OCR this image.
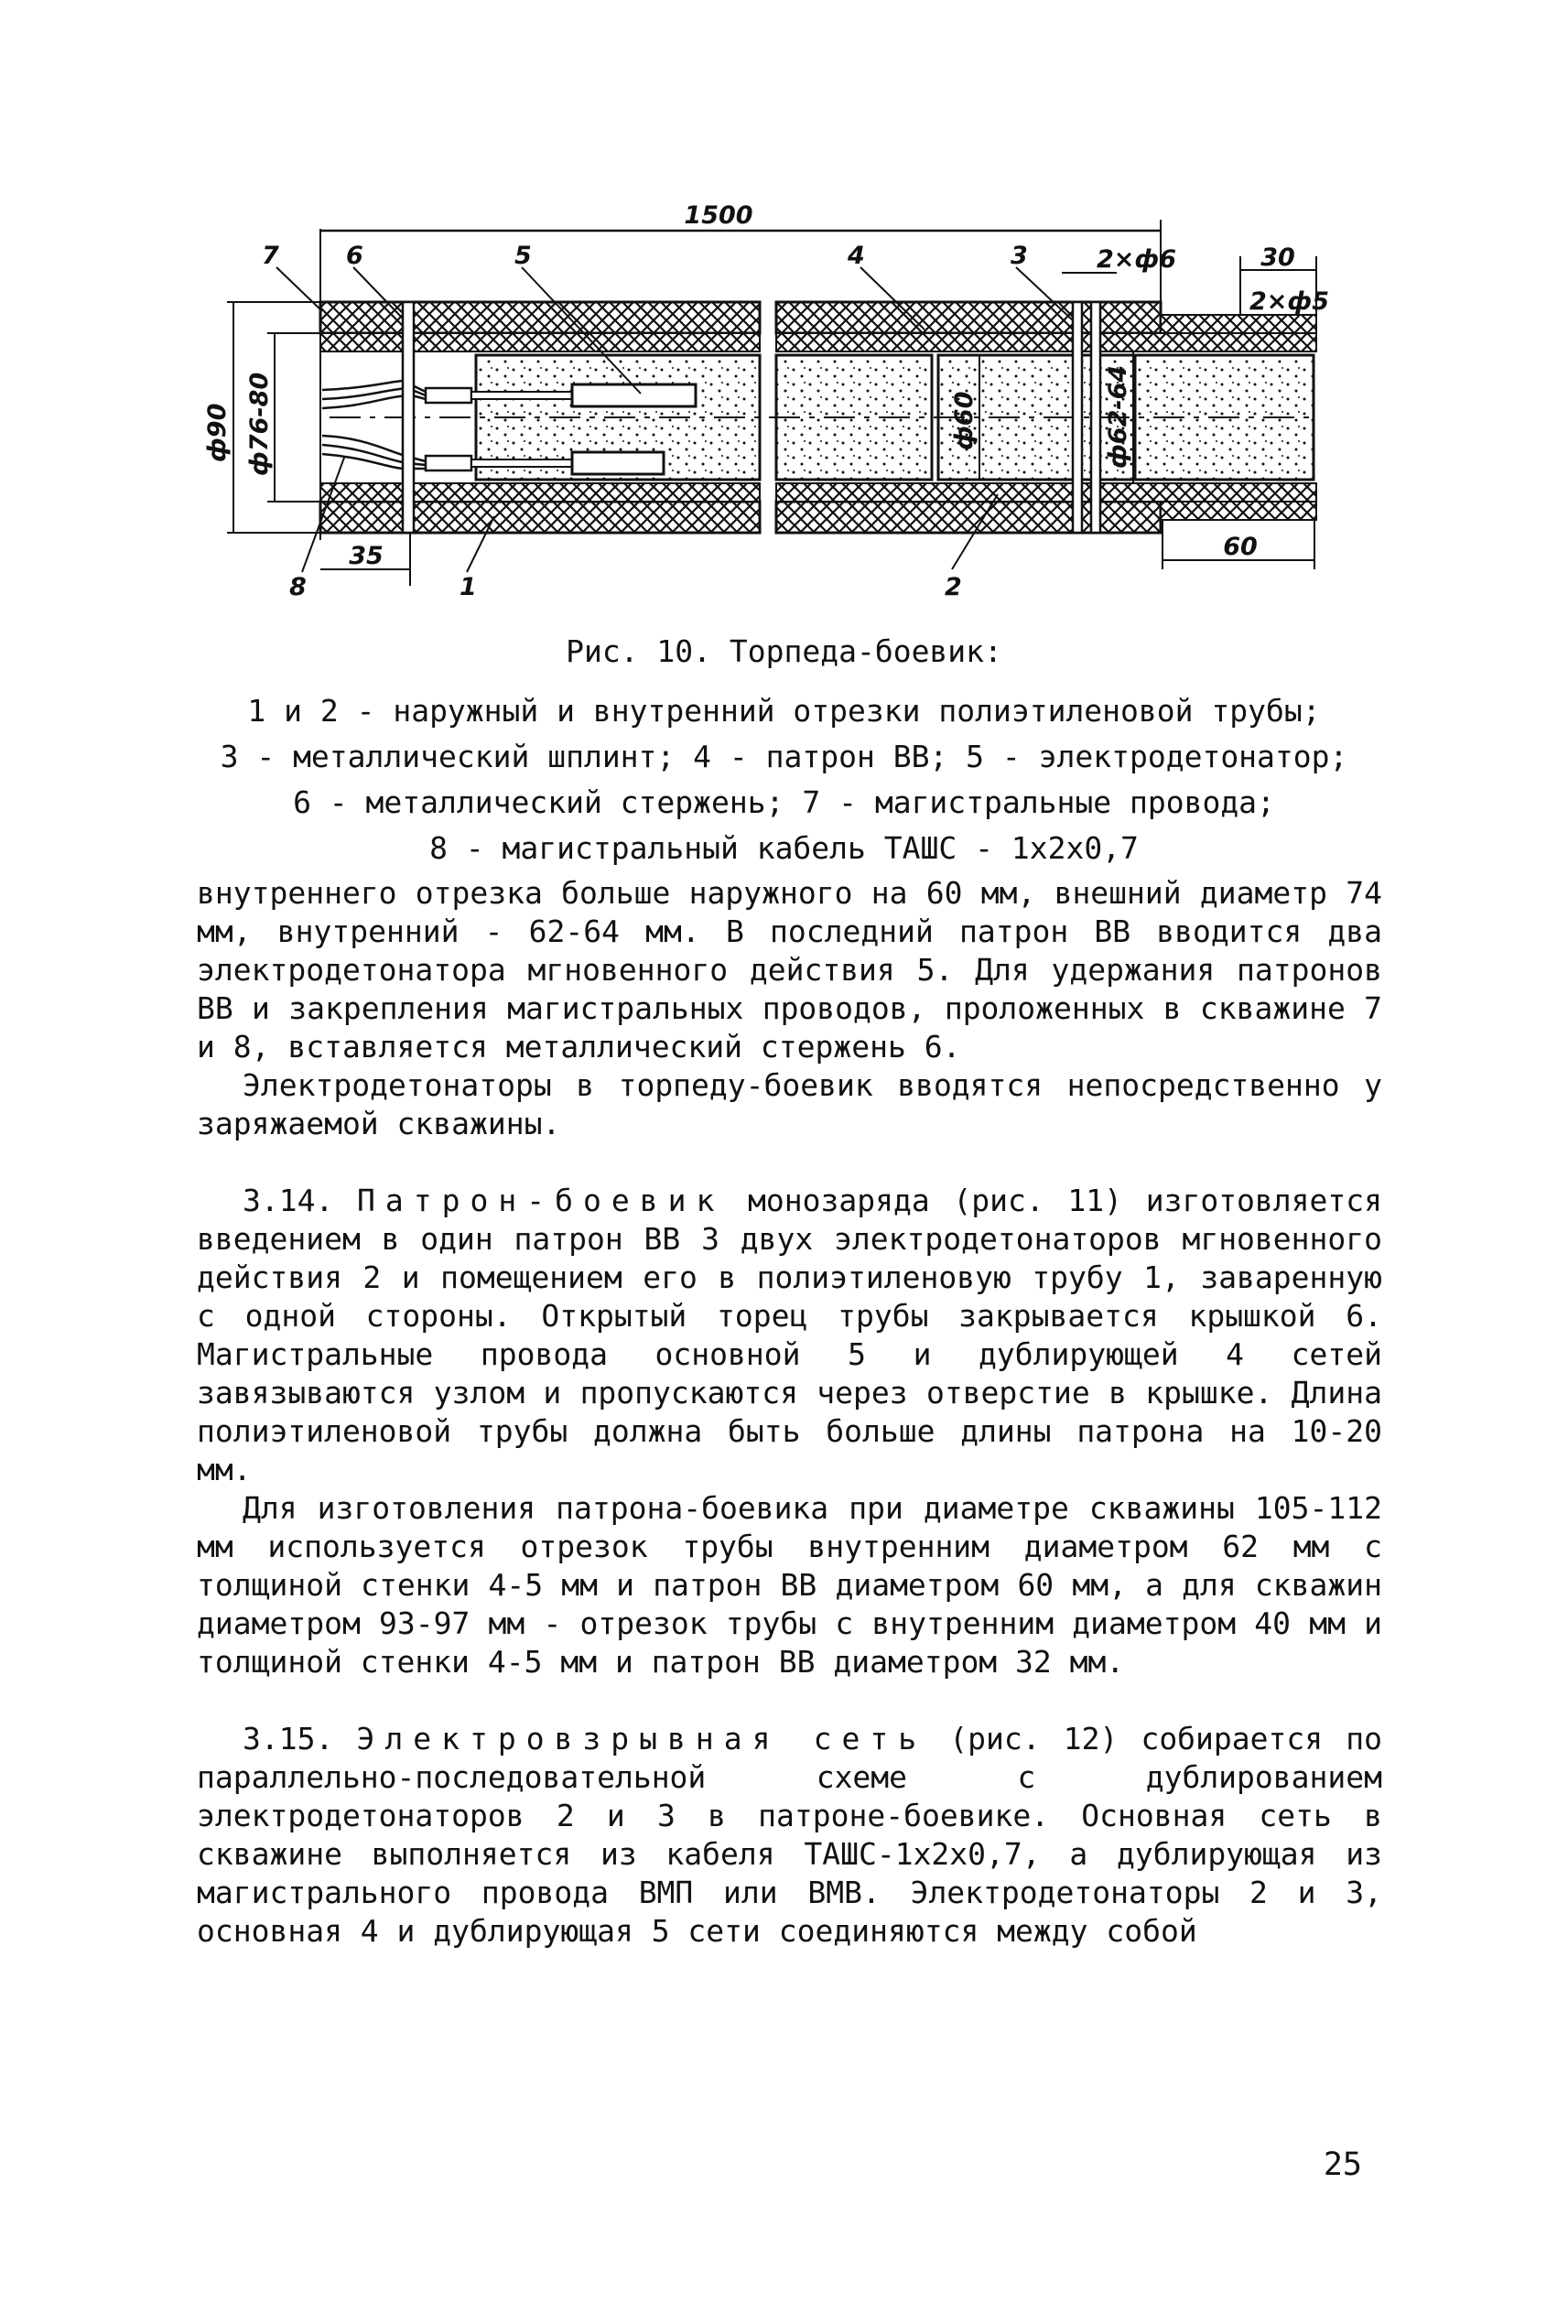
1500
30
2×ф5
2×ф6
35	60
ф90 ф76-80	ф60	ф62-64
7	6	5	4	3
8	1	2
Рис. 10. Торпеда-боевик:
1 и 2 - наружный и внутренний отрезки полиэтиленовой трубы;
3 - металлический шплинт; 4 - патрон ВВ; 5 - электродетонатор;
6 - металлический стержень; 7 - магистральные провода;
8 - магистральный кабель ТАШС - 1х2х0,7

внутреннего отрезка больше наружного на 60 мм, внешний диаметр 74 мм, внутренний - 62-64 мм. В последний патрон ВВ вводится два электродетонатора мгновенного действия 5. Для удержания патронов ВВ и закрепления магистральных проводов, проложенных в скважине 7 и 8, вставляется металлический стержень 6.

Электродетонаторы в торпеду-боевик вводятся непосредственно у заряжаемой скважины.

3.14. Патрон-боевик монозаряда (рис. 11) изготовляется введением в один патрон ВВ 3 двух электродетонаторов мгновенного действия 2 и помещением его в полиэтиленовую трубу 1, заваренную с одной стороны. Открытый торец трубы закрывается крышкой 6. Магистральные провода основной 5 и дублирующей 4 сетей завязываются узлом и пропускаются через отверстие в крышке. Длина полиэтиленовой трубы должна быть больше длины патрона на 10-20 мм.

Для изготовления патрона-боевика при диаметре скважины 105-112 мм используется отрезок трубы внутренним диаметром 62 мм с толщиной стенки 4-5 мм и патрон ВВ диаметром 60 мм, а для скважин диаметром 93-97 мм - отрезок трубы с внутренним диаметром 40 мм и толщиной стенки 4-5 мм и патрон ВВ диаметром 32 мм.

3.15. Электровзрывная сеть (рис. 12) собирается по параллельно-последовательной схеме с дублированием электродетонаторов 2 и 3 в патроне-боевике. Основная сеть в скважине выполняется из кабеля ТАШС-1х2х0,7, а дублирующая из магистрального провода ВМП или ВМВ. Электродетонаторы 2 и 3, основная 4 и дублирующая 5 сети соединяются между собой

25
